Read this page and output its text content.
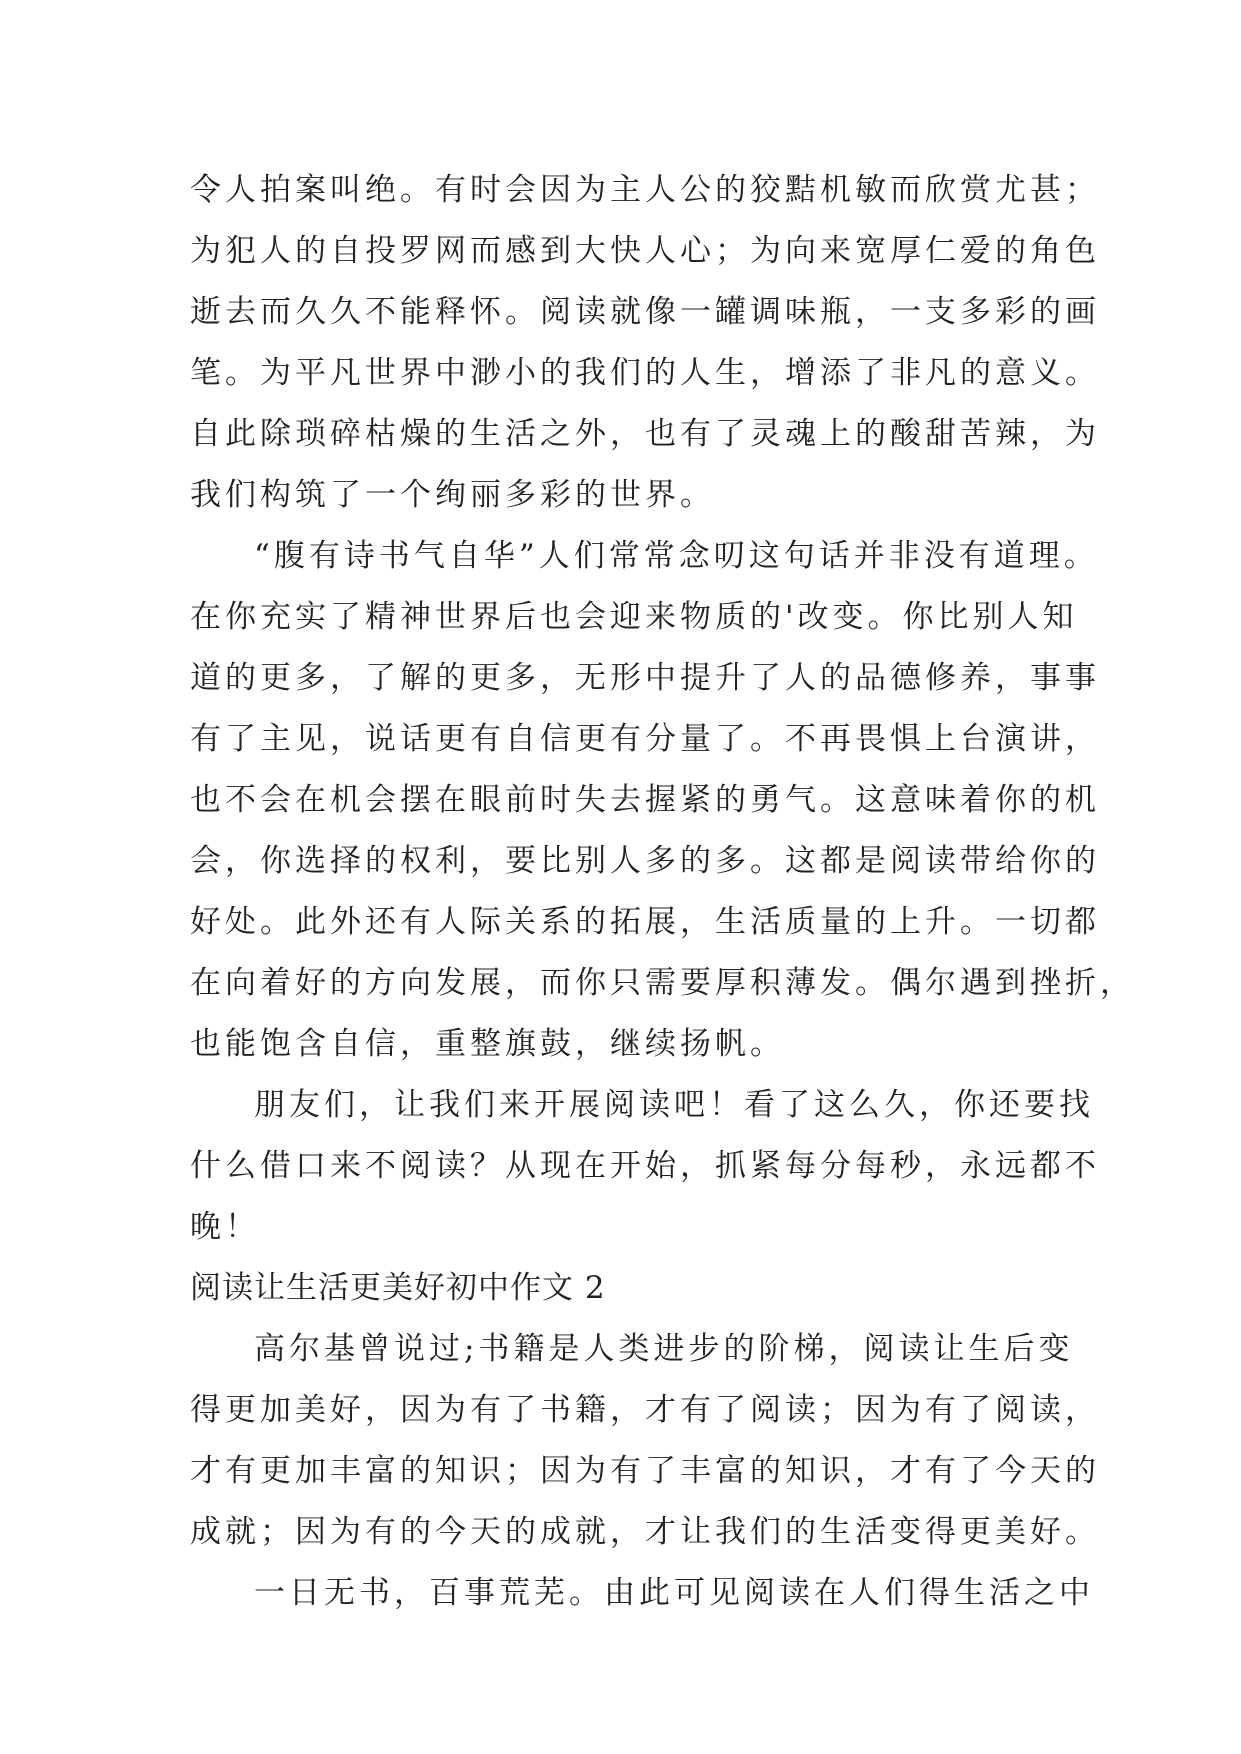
令人拍案叫绝。有时会因为主人公的狡黠机敏而欣赏尤甚；
为犯人的自投罗网而感到大快人心；为向来宽厚仁爱的角色
逝去而久久不能释怀。阅读就像一罐调味瓶，一支多彩的画
笔。为平凡世界中渺小的我们的人生，增添了非凡的意义。
自此除琐碎枯燥的生活之外，也有了灵魂上的酸甜苦辣，为
我们构筑了一个绚丽多彩的世界。
“腹有诗书气自华”人们常常念叨这句话并非没有道理。
在你充实了精神世界后也会迎来物质的'改变。你比别人知
道的更多，了解的更多，无形中提升了人的品德修养，事事
有了主见，说话更有自信更有分量了。不再畏惧上台演讲，
也不会在机会摆在眼前时失去握紧的勇气。这意味着你的机
会，你选择的权利，要比别人多的多。这都是阅读带给你的
好处。此外还有人际关系的拓展，生活质量的上升。一切都
在向着好的方向发展，而你只需要厚积薄发。偶尔遇到挫折，
也能饱含自信，重整旗鼓，继续扬帆。
朋友们，让我们来开展阅读吧！看了这么久，你还要找
什么借口来不阅读？从现在开始，抓紧每分每秒，永远都不
晚！
阅读让生活更美好初中作文 2
高尔基曾说过;书籍是人类进步的阶梯，阅读让生后变
得更加美好，因为有了书籍，才有了阅读；因为有了阅读，
才有更加丰富的知识；因为有了丰富的知识，才有了今天的
成就；因为有的今天的成就，才让我们的生活变得更美好。
一日无书，百事荒芜。由此可见阅读在人们得生活之中
